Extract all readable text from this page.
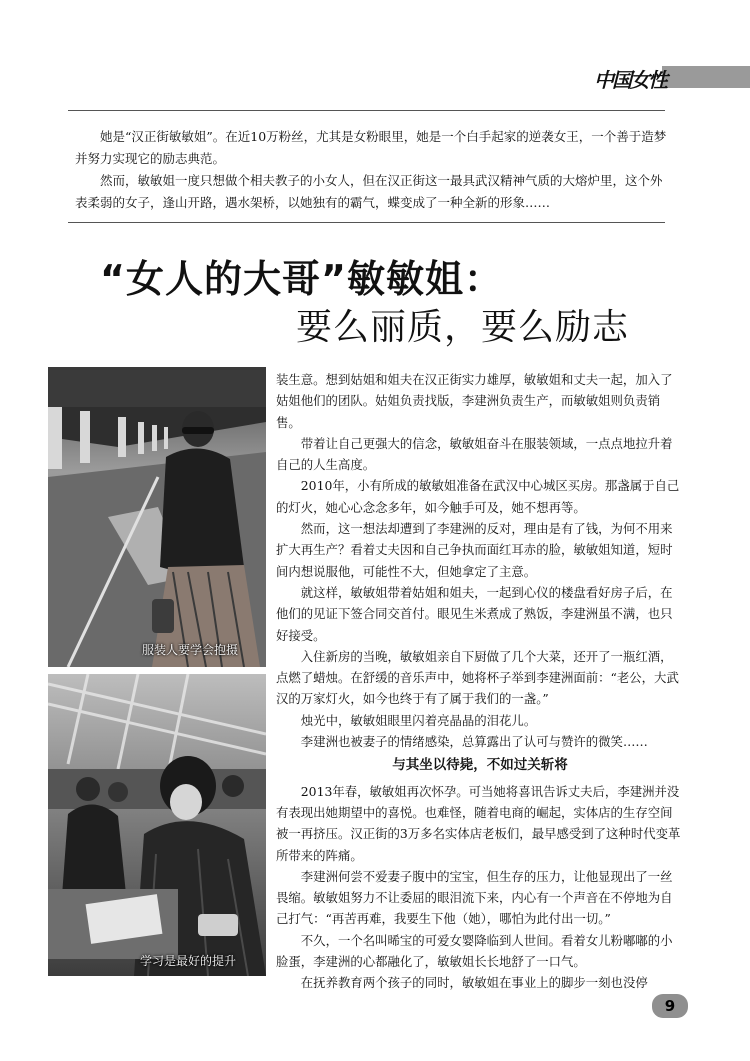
中国女性

她是“汉正街敏敏姐”。在近10万粉丝，尤其是女粉眼里，她是一个白手起家的逆袭女王，一个善于造梦并努力实现它的励志典范。

然而，敏敏姐一度只想做个相夫教子的小女人，但在汉正街这一最具武汉精神气质的大熔炉里，这个外表柔弱的女子，逢山开路，遇水架桥，以她独有的霸气，蝶变成了一种全新的形象……

“女人的大哥”敏敏姐：
要么丽质，要么励志
服装人要学会抱摄
学习是最好的提升

装生意。想到姑姐和姐夫在汉正街实力雄厚，敏敏姐和丈夫一起，加入了姑姐他们的团队。姑姐负责找版，李建洲负责生产，而敏敏姐则负责销售。

带着让自己更强大的信念，敏敏姐奋斗在服装领域，一点点地拉升着自己的人生高度。

2010年，小有所成的敏敏姐准备在武汉中心城区买房。那盏属于自己的灯火，她心心念念多年，如今触手可及，她不想再等。

然而，这一想法却遭到了李建洲的反对，理由是有了钱，为何不用来扩大再生产？看着丈夫因和自己争执而面红耳赤的脸，敏敏姐知道，短时间内想说服他，可能性不大，但她拿定了主意。

就这样，敏敏姐带着姑姐和姐夫，一起到心仪的楼盘看好房子后，在他们的见证下签合同交首付。眼见生米煮成了熟饭，李建洲虽不满，也只好接受。

入住新房的当晚，敏敏姐亲自下厨做了几个大菜，还开了一瓶红酒，点燃了蜡烛。在舒缓的音乐声中，她将杯子举到李建洲面前：“老公，大武汉的万家灯火，如今也终于有了属于我们的一盏。”

烛光中，敏敏姐眼里闪着亮晶晶的泪花儿。

李建洲也被妻子的情绪感染，总算露出了认可与赞许的微笑……

与其坐以待毙，不如过关斩将

2013年春，敏敏姐再次怀孕。可当她将喜讯告诉丈夫后，李建洲并没有表现出她期望中的喜悦。也难怪，随着电商的崛起，实体店的生存空间被一再挤压。汉正街的3万多名实体店老板们，最早感受到了这种时代变革所带来的阵痛。

李建洲何尝不爱妻子腹中的宝宝，但生存的压力，让他显现出了一丝畏缩。敏敏姐努力不让委屈的眼泪流下来，内心有一个声音在不停地为自己打气：“再苦再难，我要生下他（她），哪怕为此付出一切。”

不久，一个名叫晞宝的可爱女婴降临到人世间。看着女儿粉嘟嘟的小脸蛋，李建洲的心都融化了，敏敏姐长长地舒了一口气。

在抚养教育两个孩子的同时，敏敏姐在事业上的脚步一刻也没停

9
